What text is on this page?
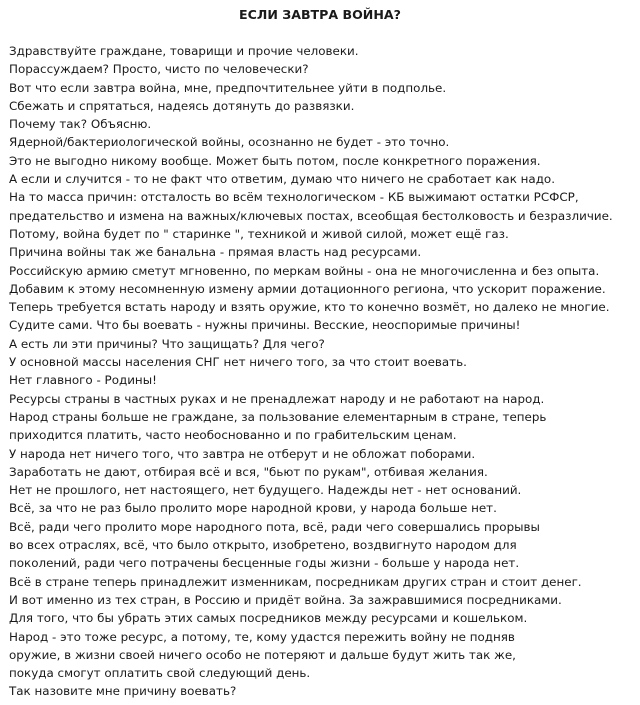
ЕСЛИ ЗАВТРА ВОЙНА?
Здравствуйте граждане, товарищи и прочие человеки.
Порассуждаем? Просто, чисто по человечески?
Вот что если завтра война, мне, предпочтительнее уйти в подполье.
Сбежать и спрятаться, надеясь дотянуть до развязки.
Почему так? Объясню.
Ядерной/бактериологической войны, осознанно не будет - это точно.
Это не выгодно никому вообще. Может быть потом, после конкретного поражения.
А если и случится - то не факт что ответим, думаю что ничего не сработает как надо.
На то масса причин: отсталость во всём технологическом - КБ выжимают остатки РСФСР,
предательство и измена на важных/ключевых постах, всеобщая бестолковость и безразличие.
Потому, война будет по " старинке ", техникой и живой силой, может ещё газ.
Причина войны так же банальна - прямая власть над ресурсами.
Российскую армию сметут мгновенно, по меркам войны - она не многочисленна и без опыта.
Добавим к этому несомненную измену армии дотационного региона, что ускорит поражение.
Теперь требуется встать народу и взять оружие, кто то конечно возмёт, но далеко не многие.
Судите сами. Что бы воевать - нужны причины. Весские, неоспоримые причины!
А есть ли эти причины? Что защищать? Для чего?
У основной массы населения СНГ нет ничего того, за что стоит воевать.
Нет главного - Родины!
Ресурсы страны в частных руках и не пренадлежат народу и не работают на народ.
Народ страны больше не граждане, за пользование елементарным в стране, теперь
приходится платить, часто необоснованно и по грабительским ценам.
У народа нет ничего того, что завтра не отберут и не обложат поборами.
Заработать не дают, отбирая всё и вся, "бьют по рукам", отбивая желания.
Нет не прошлого, нет настоящего, нет будущего. Надежды нет - нет оснований.
Всё, за что не раз было пролито море народной крови, у народа больше нет.
Всё, ради чего пролито море народного пота, всё, ради чего совершались прорывы
во всех отраслях, всё, что было открыто, изобретено, воздвигнуто народом для
поколений, ради чего потрачены бесценные годы жизни - больше у народа нет.
Всё в стране теперь принадлежит изменникам, посредникам других стран и стоит денег.
И вот именно из тех стран, в Россию и придёт война. За зажравшимися посредниками.
Для того, что бы убрать этих самых посредников между ресурсами и кошельком.
Народ - это тоже ресурс, а потому, те, кому удастся пережить войну не подняв
оружие, в жизни своей ничего особо не потеряют и дальше будут жить так же,
покуда смогут оплатить свой следующий день.
Так назовите мне причину воевать?
